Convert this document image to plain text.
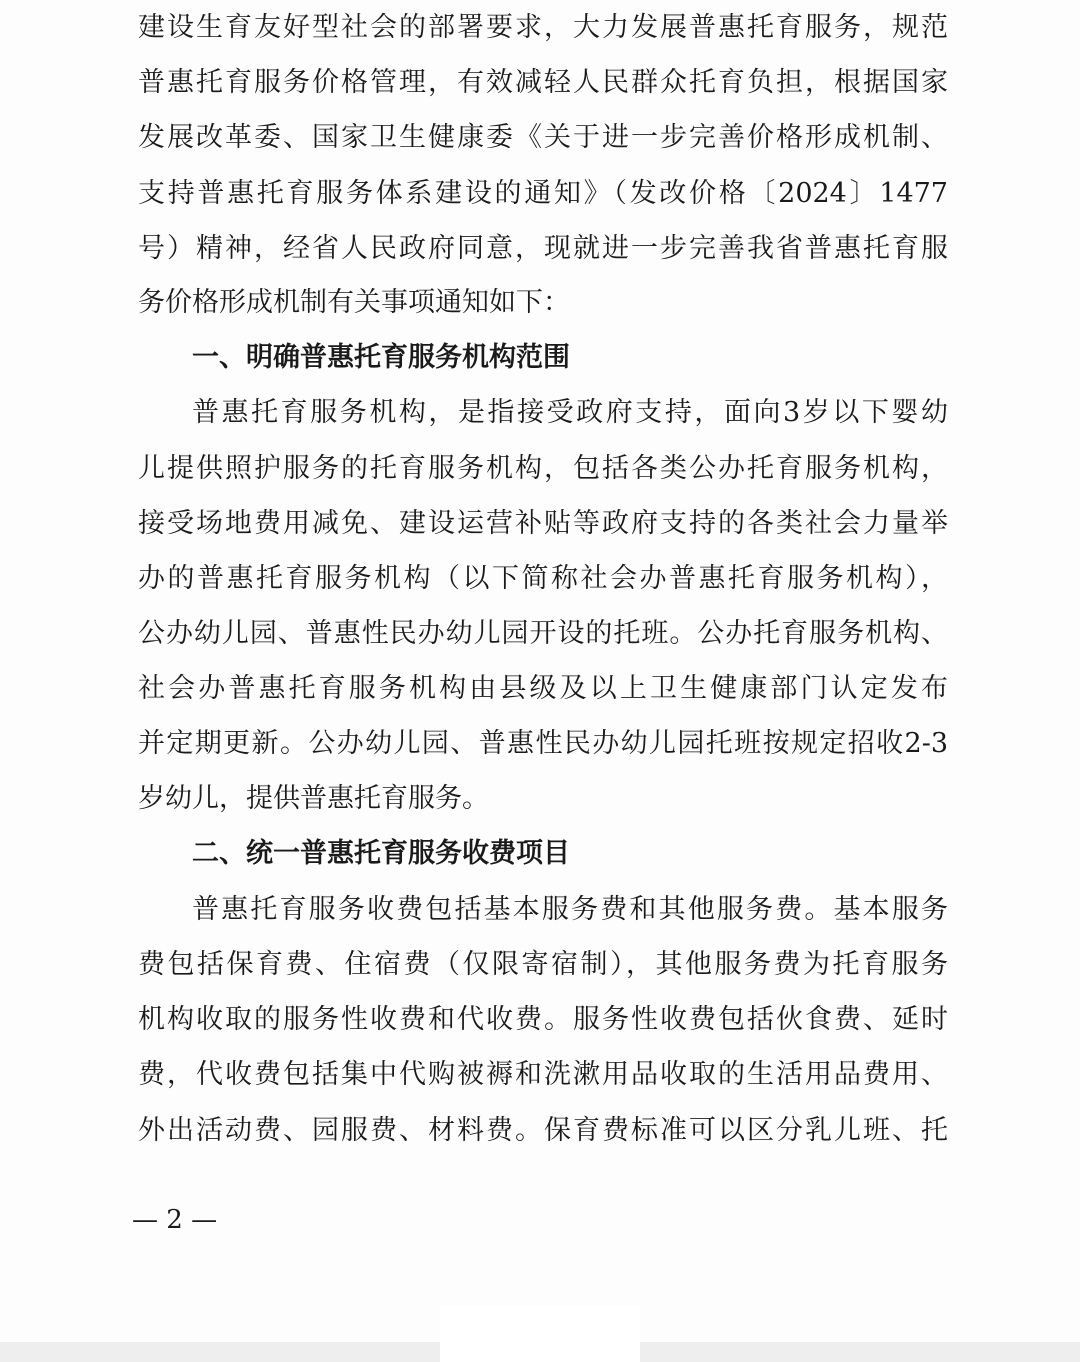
建设生育友好型社会的部署要求，大力发展普惠托育服务，规范
普惠托育服务价格管理，有效减轻人民群众托育负担，根据国家
发展改革委、国家卫生健康委《关于进一步完善价格形成机制、
支持普惠托育服务体系建设的通知》（发改价格〔2024〕1477
号）精神，经省人民政府同意，现就进一步完善我省普惠托育服
务价格形成机制有关事项通知如下：
一、明确普惠托育服务机构范围
普惠托育服务机构，是指接受政府支持，面向3岁以下婴幼
儿提供照护服务的托育服务机构，包括各类公办托育服务机构，
接受场地费用减免、建设运营补贴等政府支持的各类社会力量举
办的普惠托育服务机构（以下简称社会办普惠托育服务机构），
公办幼儿园、普惠性民办幼儿园开设的托班。公办托育服务机构、
社会办普惠托育服务机构由县级及以上卫生健康部门认定发布
并定期更新。公办幼儿园、普惠性民办幼儿园托班按规定招收2-3
岁幼儿，提供普惠托育服务。
二、统一普惠托育服务收费项目
普惠托育服务收费包括基本服务费和其他服务费。基本服务
费包括保育费、住宿费（仅限寄宿制），其他服务费为托育服务
机构收取的服务性收费和代收费。服务性收费包括伙食费、延时
费，代收费包括集中代购被褥和洗漱用品收取的生活用品费用、
外出活动费、园服费、材料费。保育费标准可以区分乳儿班、托
— 2 —
